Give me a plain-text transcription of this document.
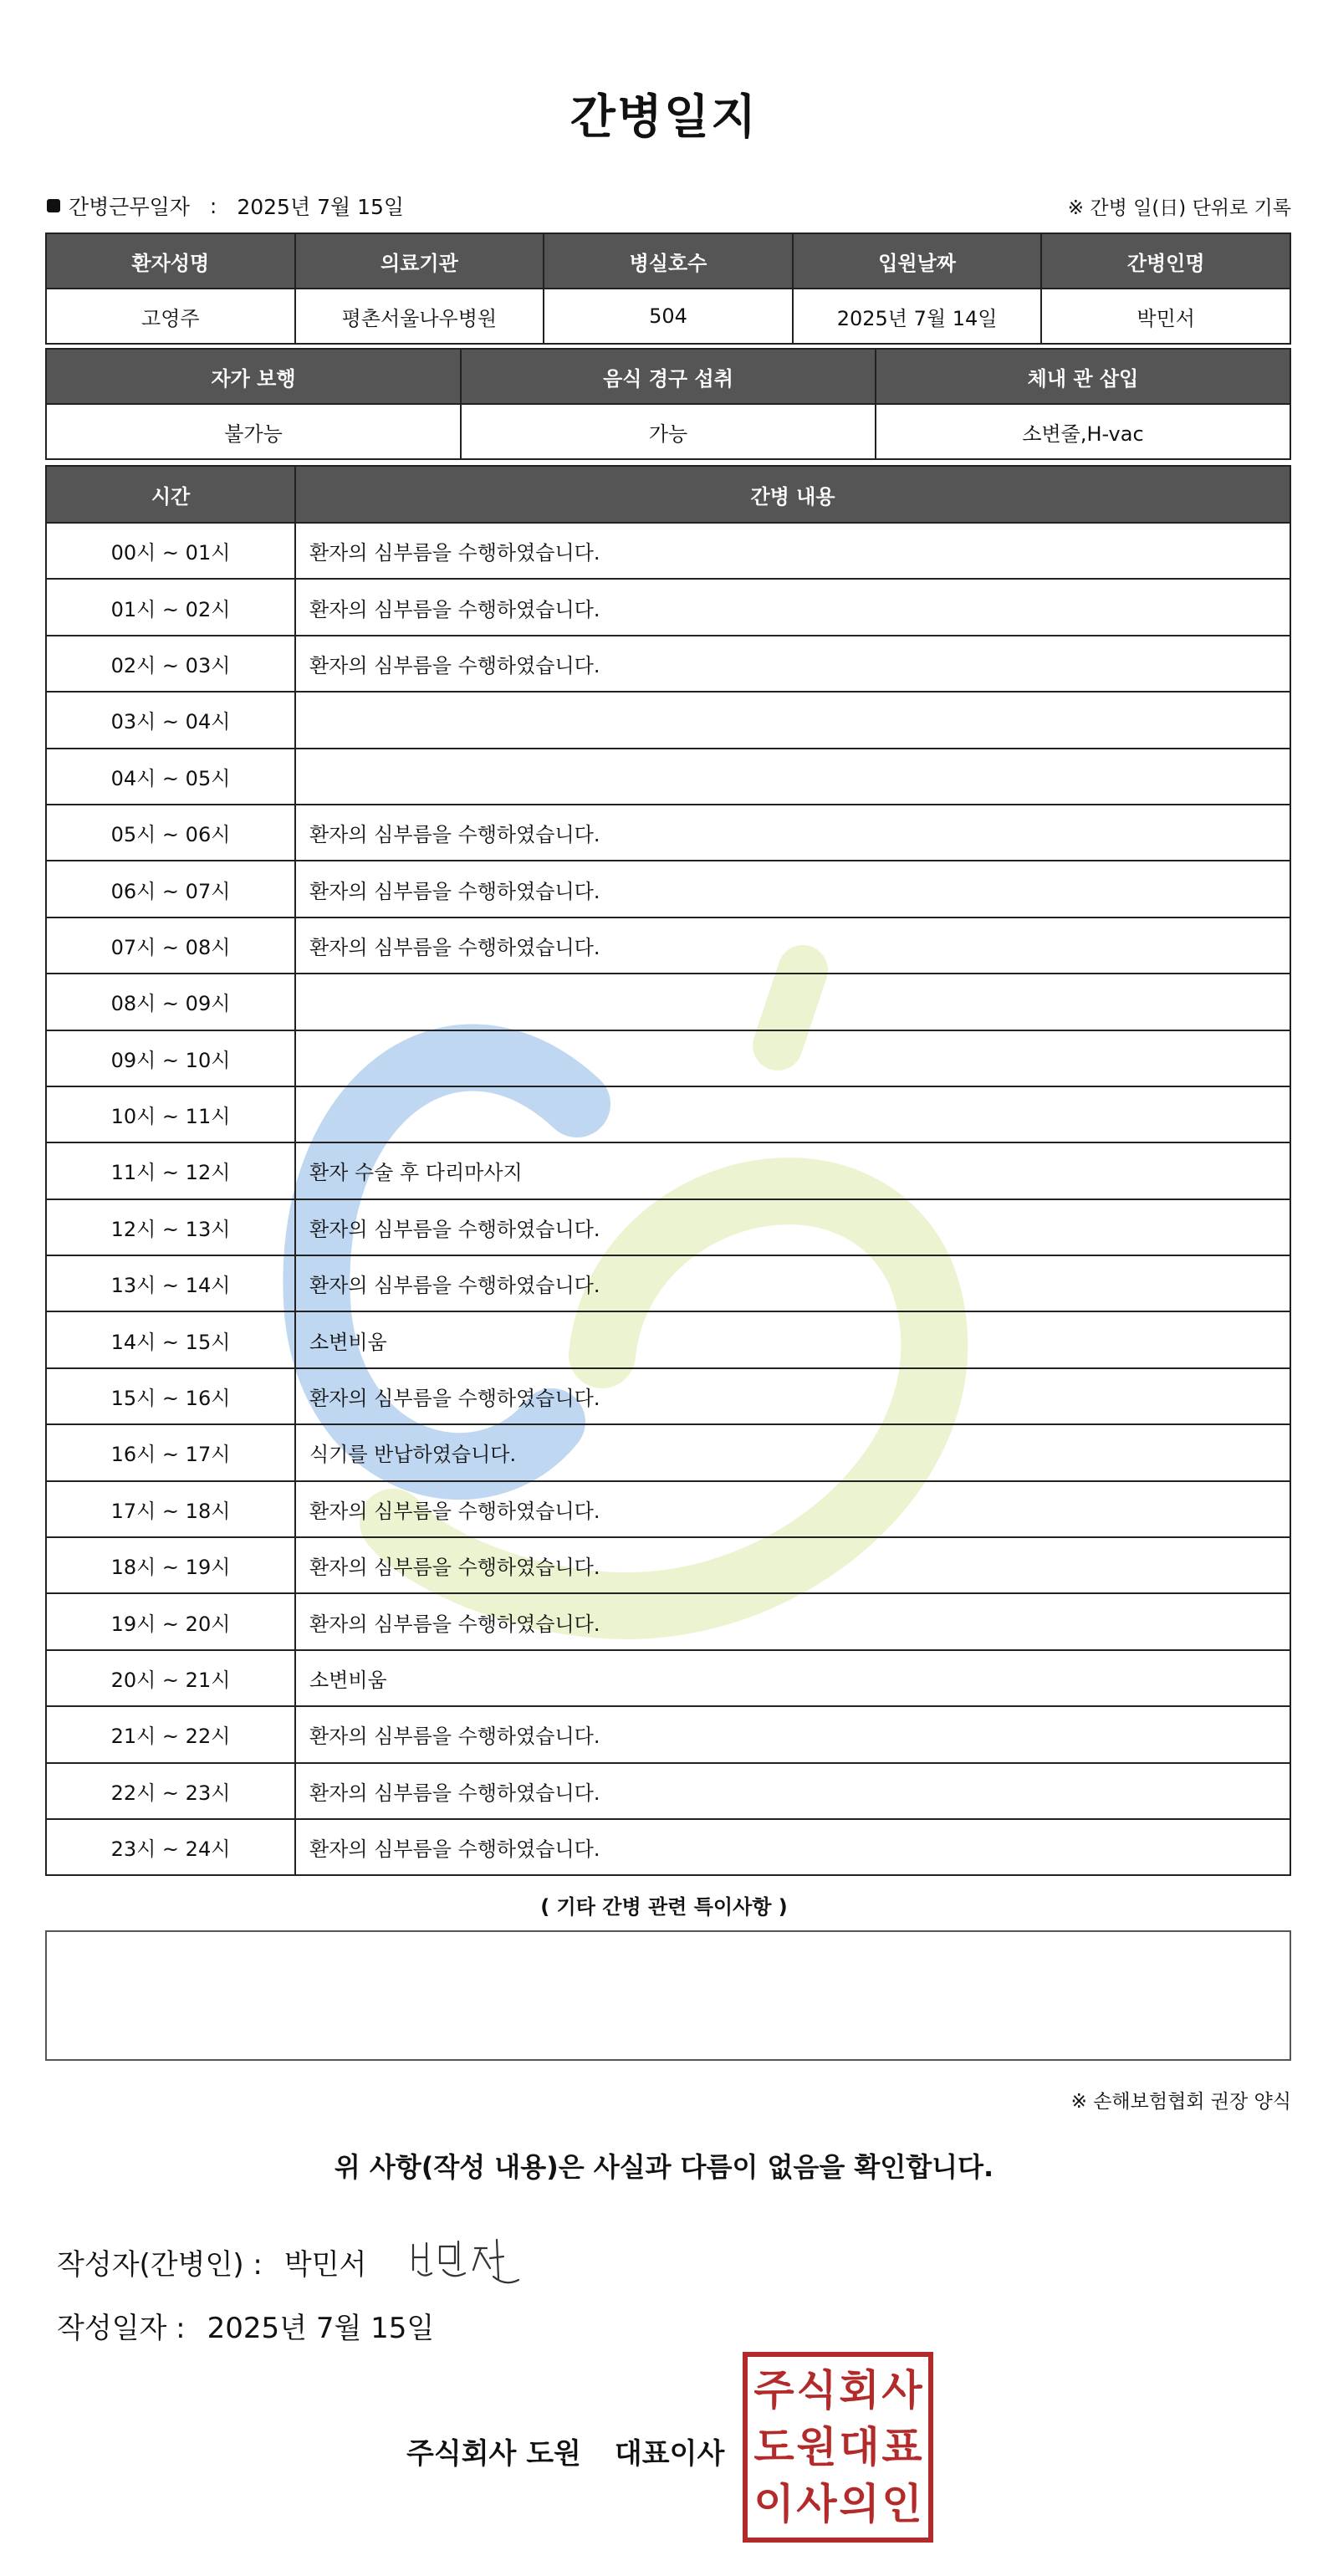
간병일지
간병근무일자 : 2025년 7월 15일	※ 간병 일(日) 단위로 기록
환자성명	의료기관	병실호수	입원날짜	간병인명
고영주	평촌서울나우병원	504	2025년 7월 14일	박민서
자가 보행	음식 경구 섭취	체내 관 삽입
불가능	가능	소변줄,H-vac
시간	간병 내용
00시 ~ 01시	환자의 심부름을 수행하였습니다.
01시 ~ 02시	환자의 심부름을 수행하였습니다.
02시 ~ 03시	환자의 심부름을 수행하였습니다.
03시 ~ 04시	
04시 ~ 05시	
05시 ~ 06시	환자의 심부름을 수행하였습니다.
06시 ~ 07시	환자의 심부름을 수행하였습니다.
07시 ~ 08시	환자의 심부름을 수행하였습니다.
08시 ~ 09시	
09시 ~ 10시	
10시 ~ 11시	
11시 ~ 12시	환자 수술 후 다리마사지
12시 ~ 13시	환자의 심부름을 수행하였습니다.
13시 ~ 14시	환자의 심부름을 수행하였습니다.
14시 ~ 15시	소변비움
15시 ~ 16시	환자의 심부름을 수행하였습니다.
16시 ~ 17시	식기를 반납하였습니다.
17시 ~ 18시	환자의 심부름을 수행하였습니다.
18시 ~ 19시	환자의 심부름을 수행하였습니다.
19시 ~ 20시	환자의 심부름을 수행하였습니다.
20시 ~ 21시	소변비움
21시 ~ 22시	환자의 심부름을 수행하였습니다.
22시 ~ 23시	환자의 심부름을 수행하였습니다.
23시 ~ 24시	환자의 심부름을 수행하였습니다.
( 기타 간병 관련 특이사항 )
※ 손해보험협회 권장 양식
위 사항(작성 내용)은 사실과 다름이 없음을 확인합니다.
작성자(간병인) : 박민서
작성일자 : 2025년 7월 15일
주식회사 도원 대표이사
주 식 회 사
도 원 대 표
이 사 의 인
